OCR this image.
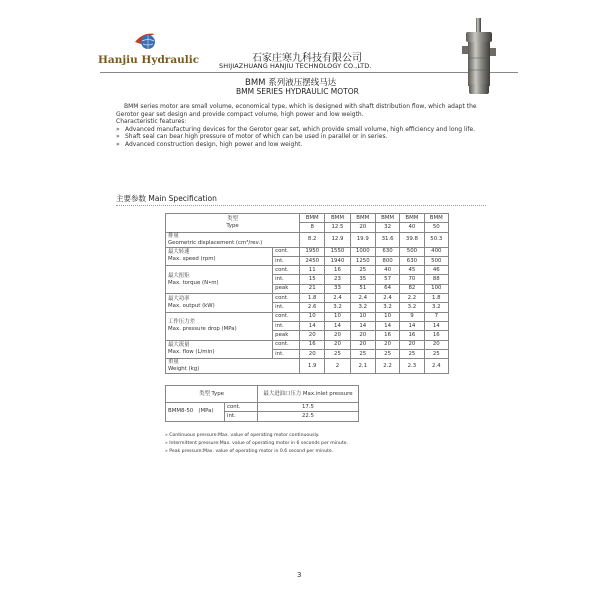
Hanjiu Hydraulic	石家庄寒九科技有限公司
SHIJIAZHUANG HANJIU TECHNOLOGY CO.,LTD.
BMM 系列液压摆线马达
BMM SERIES HYDRAULIC MOTOR

BMM series motor are small volume, economical type, which is designed with shaft distribution flow, which adapt the Gerotor gear set design and provide compact volume, high power and low weigth.

Characteristic features:

» Advanced manufacturing devices for the Gerotor gear set, which provide small volume, high efficiency and long life.
» Shaft seal can bear high pressure of motor of which can be used in parallel or in series.
» Advanced construction design, high power and low weight.
主要参数 Main Specification
类型
Type		BMM	BMM	BMM	BMM	BMM	BMM
		8	12.5	20	32	40	50

排量
Geometric displacement (cm³/rev.)		8.2	12.9	19.9	31.6	39.8	50.3

最大转速
Max. speed (rpm)	cont.	1950	1550	1000	630	500	400
	int.	2450	1940	1250	800	630	500

最大扭矩
Max. torque (N•m)	cont.	11	16	25	40	45	46
	int.	15	23	35	57	70	88
	peak	21	33	51	64	82	100

最大功率
Max. output (kW)	cont.	1.8	2.4	2.4	2.4	2.2	1.8
	int.	2.6	3.2	3.2	3.2	3.2	3.2

工作压力差
Max. pressure drop (MPa)	cont.	10	10	10	10	9	7
	int.	14	14	14	14	14	14
	peak	20	20	20	16	16	16

最大流量
Max. flow (L/min)	cont.	16	20	20	20	20	20
	int.	20	25	25	25	25	25

重量
Weight (kg)		1.9	2	2.1	2.2	2.3	2.4
类型 Type		最大进油口压力 Max.inlet pressure
BMM8-50 (MPa)	cont.	17.5
	int.	22.5

» Continuous pressure:Max. value of operating motor continuously.

» Intermittent pressure:Max. value of operating motor in 6 seconds per minute.

» Peak pressure:Max. value of operating motor in 0.6 second per minute.

3
